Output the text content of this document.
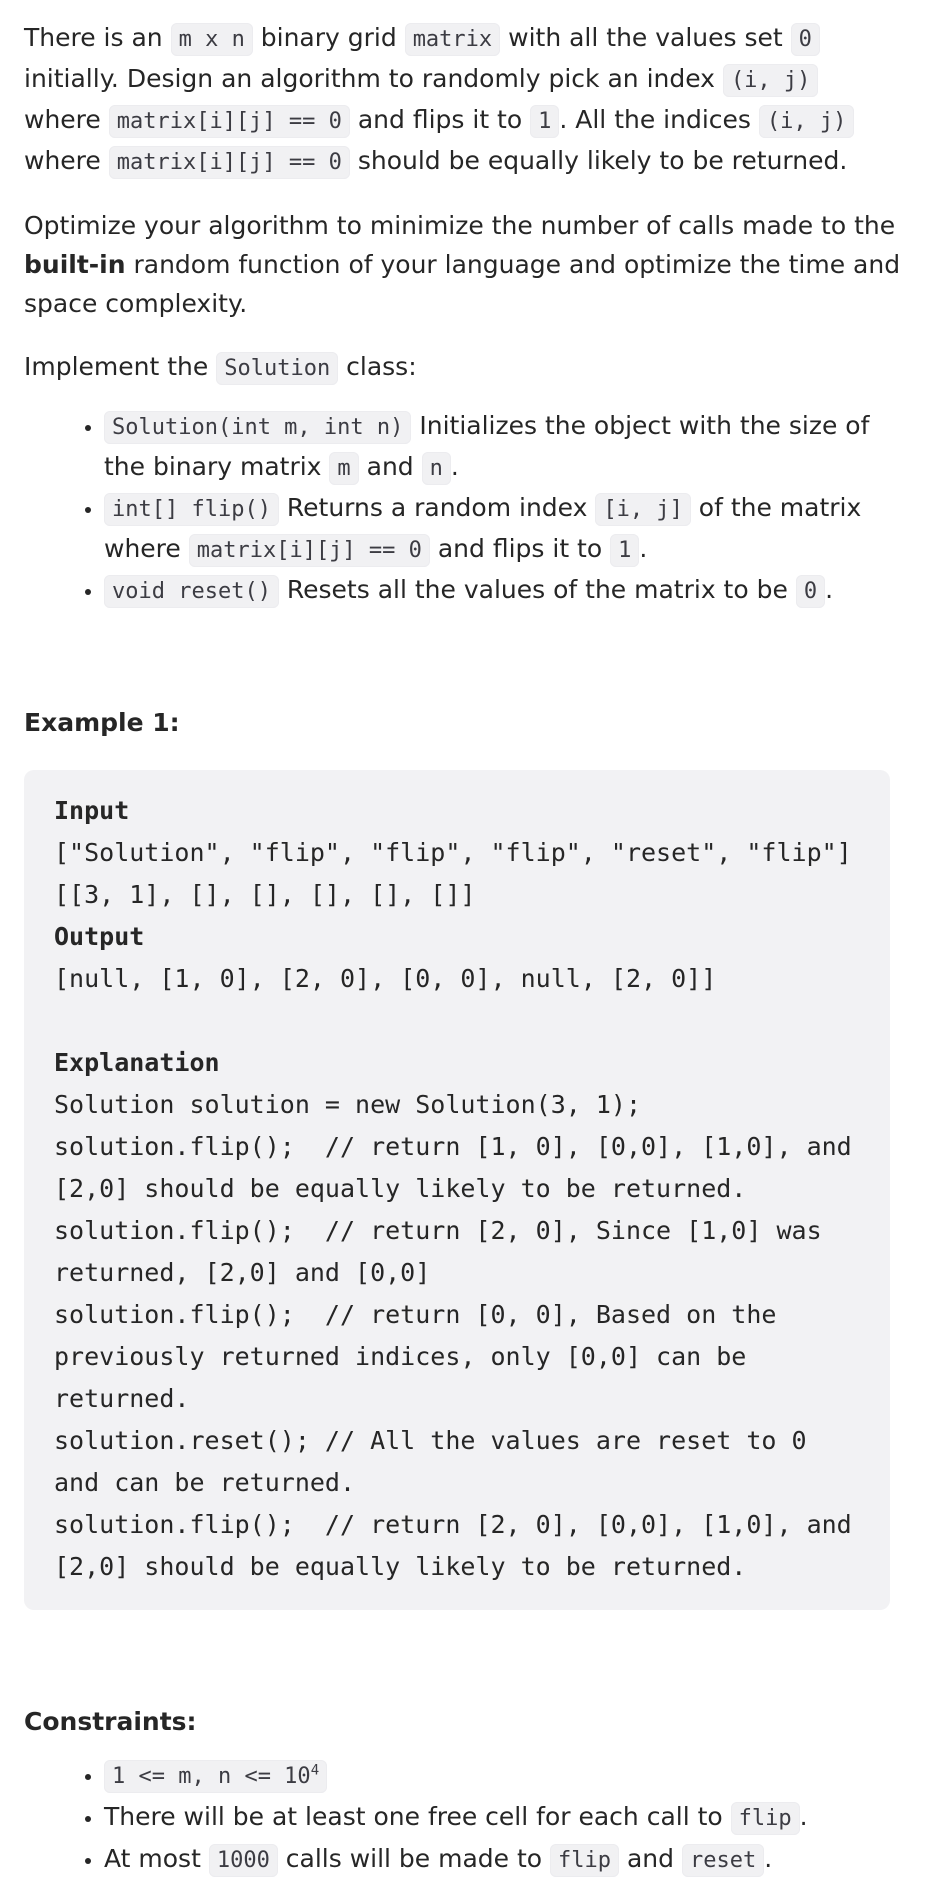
There is an m x n binary grid matrix with all the values set 0 initially. Design an algorithm to randomly pick an index (i, j) where matrix[i][j] == 0 and flips it to 1 . All the indices (i, j) where matrix[i][j] == 0 should be equally likely to be returned.

Optimize your algorithm to minimize the number of calls made to the built-in random function of your language and optimize the time and space complexity.

Implement the Solution class:

• Solution(int m, int n) Initializes the object with the size of the binary matrix m and n .
• int[] flip() Returns a random index [i, j] of the matrix where matrix[i][j] == 0 and flips it to 1 .
• void reset() Resets all the values of the matrix to be 0 .
Example 1:
Input
["Solution", "flip", "flip", "flip", "reset", "flip"]
[[3, 1], [], [], [], [], []]
Output
[null, [1, 0], [2, 0], [0, 0], null, [2, 0]]

Explanation
Solution solution = new Solution(3, 1);
solution.flip();  // return [1, 0], [0,0], [1,0], and [2,0] should be equally likely to be returned.
solution.flip();  // return [2, 0], Since [1,0] was returned, [2,0] and [0,0]
solution.flip();  // return [0, 0], Based on the previously returned indices, only [0,0] can be returned.
solution.reset(); // All the values are reset to 0 and can be returned.
solution.flip();  // return [2, 0], [0,0], [1,0], and [2,0] should be equally likely to be returned.
Constraints:
• 1 <= m, $n <= 10^4$
• There will be at least one free cell for each call to flip .
• At most 1000 calls will be made to flip and reset .
